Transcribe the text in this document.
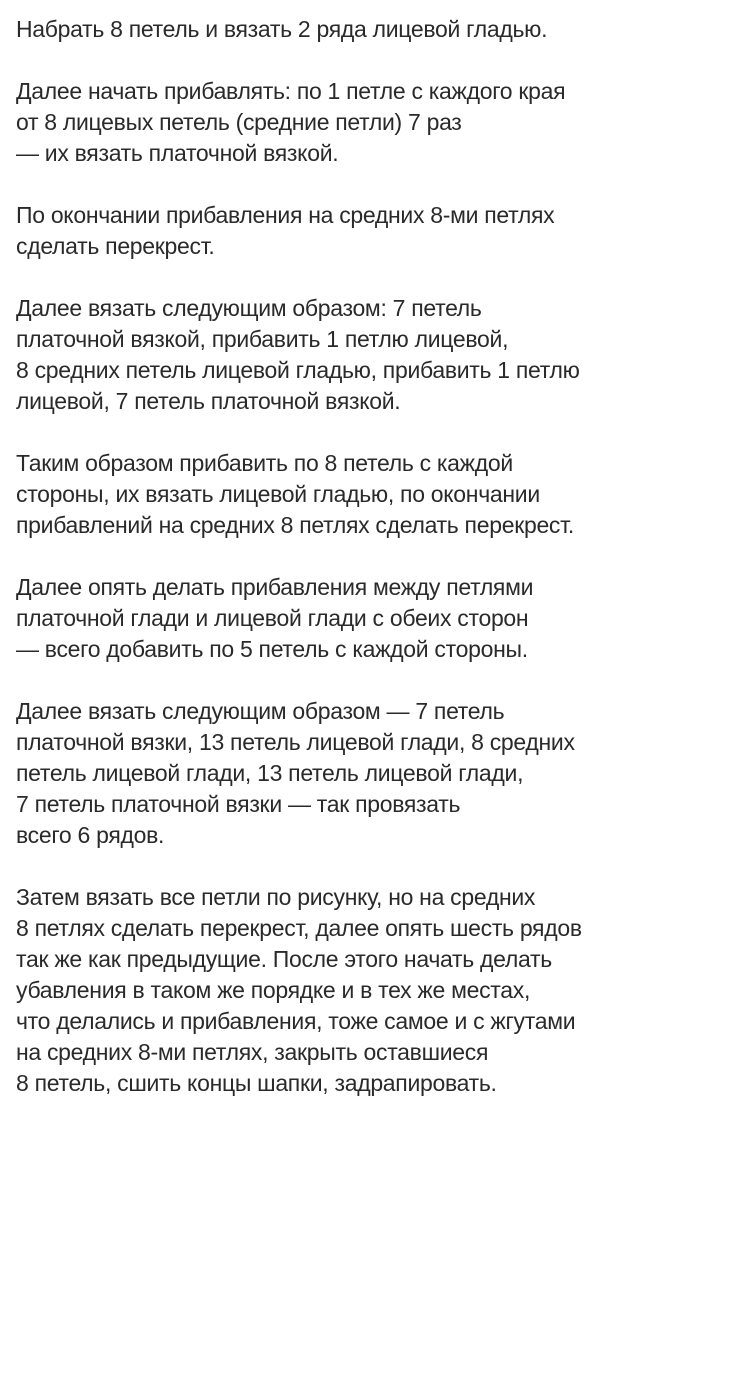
Набрать 8 петель и вязать 2 ряда лицевой гладью.

Далее начать прибавлять: по 1 петле с каждого края
от 8 лицевых петель (средние петли) 7 раз
— их вязать платочной вязкой.

По окончании прибавления на средних 8-ми петлях
сделать перекрест.

Далее вязать следующим образом: 7 петель
платочной вязкой, прибавить 1 петлю лицевой,
8 средних петель лицевой гладью, прибавить 1 петлю
лицевой, 7 петель платочной вязкой.

Таким образом прибавить по 8 петель с каждой
стороны, их вязать лицевой гладью, по окончании
прибавлений на средних 8 петлях сделать перекрест.

Далее опять делать прибавления между петлями
платочной глади и лицевой глади с обеих сторон
— всего добавить по 5 петель с каждой стороны.

Далее вязать следующим образом — 7 петель
платочной вязки, 13 петель лицевой глади, 8 средних
петель лицевой глади, 13 петель лицевой глади,
7 петель платочной вязки — так провязать
всего 6 рядов.

Затем вязать все петли по рисунку, но на средних
8 петлях сделать перекрест, далее опять шесть рядов
так же как предыдущие. После этого начать делать
убавления в таком же порядке и в тех же местах,
что делались и прибавления, тоже самое и с жгутами
на средних 8-ми петлях, закрыть оставшиеся
8 петель, сшить концы шапки, задрапировать.
